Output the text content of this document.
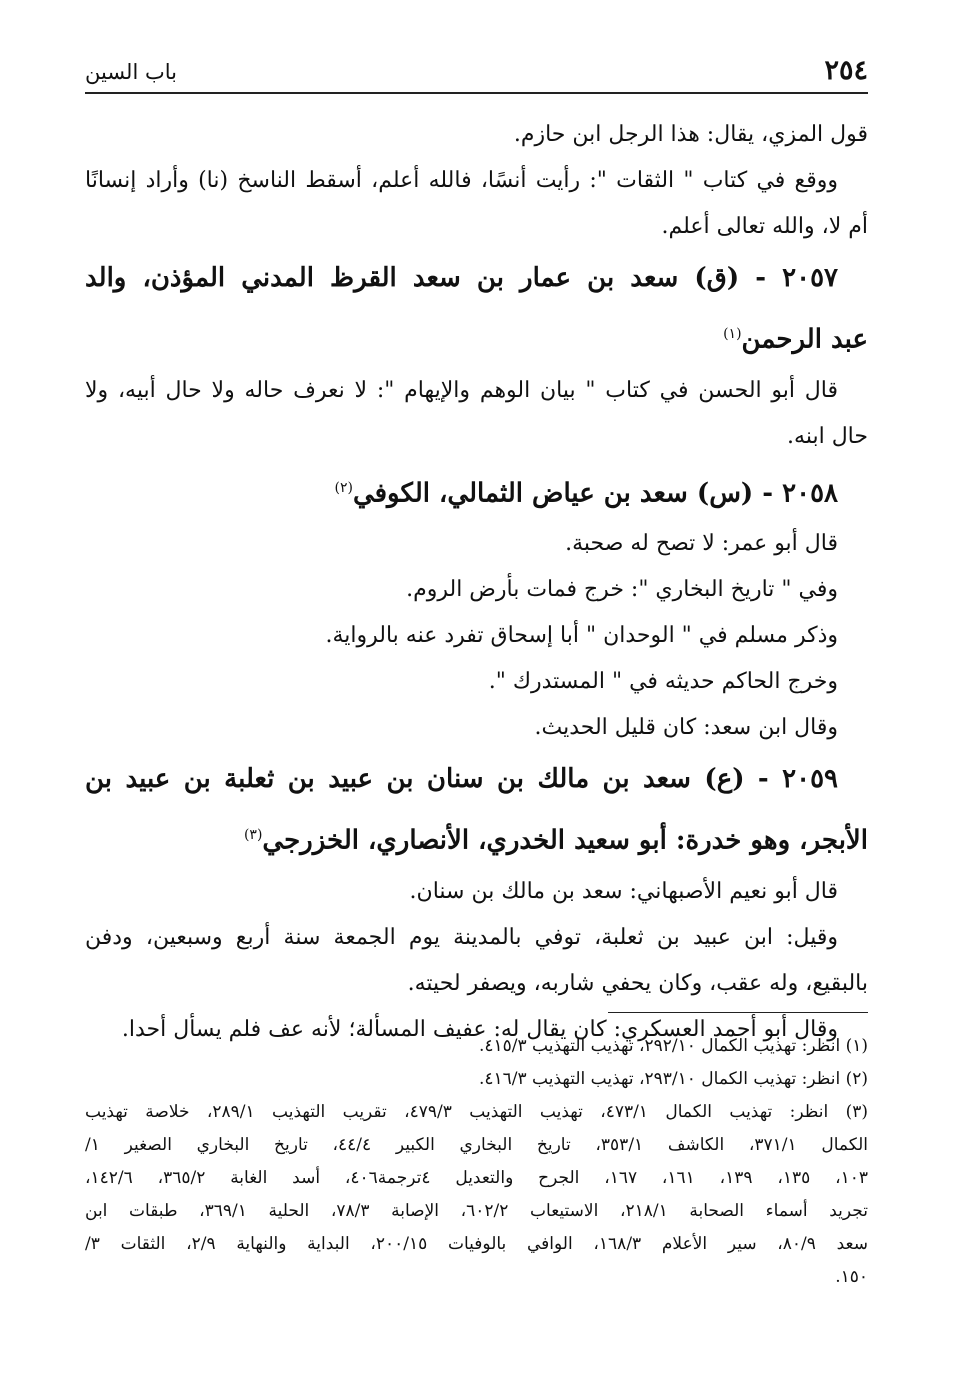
٢٥٤
باب السين
قول المزي، يقال: هذا الرجل ابن حازم.
ووقع في كتاب " الثقات ": رأيت أنسًا، فالله أعلم، أسقط الناسخ (نا) وأراد إنسانًا
أم لا، والله تعالى أعلم.
٢٠٥٧ - (ق) سعد بن عمار بن سعد القرظ المدني المؤذن، والد
عبد الرحمن$^{(١)}$
قال أبو الحسن في كتاب " بيان الوهم والإيهام ": لا نعرف حاله ولا حال أبيه، ولا
حال ابنه.
٢٠٥٨ - (س) سعد بن عياض الثمالي، الكوفي$^{(٢)}$
قال أبو عمر: لا تصح له صحبة.
وفي " تاريخ البخاري ": خرج فمات بأرض الروم.
وذكر مسلم في " الوحدان " أبا إسحاق تفرد عنه بالرواية.
وخرج الحاكم حديثه في " المستدرك ".
وقال ابن سعد: كان قليل الحديث.
٢٠٥٩ - (ع) سعد بن مالك بن سنان بن عبيد بن ثعلبة بن عبيد بن
الأبجر، وهو خدرة: أبو سعيد الخدري، الأنصاري، الخزرجي$^{(٣)}$
قال أبو نعيم الأصبهاني: سعد بن مالك بن سنان.
وقيل: ابن عبيد بن ثعلبة، توفي بالمدينة يوم الجمعة سنة أربع وسبعين، ودفن
بالبقيع، وله عقب، وكان يحفي شاربه، ويصفر لحيته.
وقال أبو أحمد العسكري: كان يقال له: عفيف المسألة؛ لأنه عف فلم يسأل أحدا.
(١) انظر: تهذيب الكمال ٢٩٢/١٠، تهذيب التهذيب ٤١٥/٣.
(٢) انظر: تهذيب الكمال ٢٩٣/١٠، تهذيب التهذيب ٤١٦/٣.
(٣) انظر: تهذيب الكمال ٤٧٣/١، تهذيب التهذيب ٤٧٩/٣، تقريب التهذيب ٢٨٩/١، خلاصة تهذيب
الكمال ٣٧١/١، الكاشف ٣٥٣/١، تاريخ البخاري الكبير ٤٤/٤، تاريخ البخاري الصغير ١/
١٠٣، ١٣٥، ١٣٩، ١٦١، ١٦٧، الجرح والتعديل ٤ترجمة٤٠٦، أسد الغابة ٣٦٥/٢، ١٤٢/٦،
تجريد أسماء الصحابة ٢١٨/١، الاستيعاب ٦٠٢/٢، الإصابة ٧٨/٣، الحلية ٣٦٩/١، طبقات ابن
سعد ٨٠/٩، سير الأعلام ١٦٨/٣، الوافي بالوفيات ٢٠٠/١٥، البداية والنهاية ٢/٩، الثقات ٣/
١٥٠.
